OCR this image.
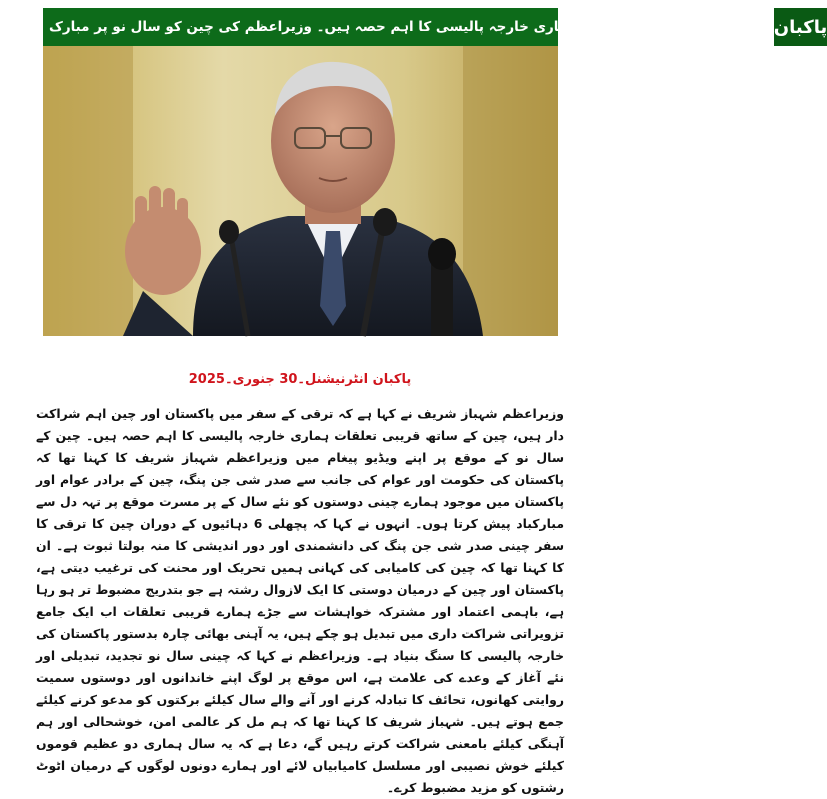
چین کے ساتھ قریبی تعلقات ہماری خارجہ پالیسی کا اہم حصہ ہیں۔ وزیراعظم کی چین کو سال نو پر مبارک پاکبان
پاکبان انٹرنیشنل۔30 جنوری۔2025

وزیراعظم شہباز شریف نے کہا ہے کہ ترقی کے سفر میں پاکستان اور چین اہم شراکت دار ہیں، چین کے ساتھ قریبی تعلقات ہماری خارجہ پالیسی کا اہم حصہ ہیں۔ چین کے سال نو کے موقع پر اپنے ویڈیو پیغام میں وزیراعظم شہباز شریف کا کہنا تھا کہ پاکستان کی حکومت اور عوام کی جانب سے صدر شی جن پنگ، چین کے برادر عوام اور پاکستان میں موجود ہمارے چینی دوستوں کو نئے سال کے پر مسرت موقع پر تہہ دل سے مبارکباد پیش کرتا ہوں۔ انہوں نے کہا کہ پچھلی 6 دہائیوں کے دوران چین کا ترقی کا سفر چینی صدر شی جن پنگ کی دانشمندی اور دور اندیشی کا منہ بولتا ثبوت ہے۔ ان کا کہنا تھا کہ چین کی کامیابی کی کہانی ہمیں تحریک اور محنت کی ترغیب دیتی ہے، پاکستان اور چین کے درمیان دوستی کا ایک لازوال رشتہ ہے جو بتدریج مضبوط تر ہو رہا ہے، باہمی اعتماد اور مشترکہ خواہشات سے جڑے ہمارے قریبی تعلقات اب ایک جامع تزویراتی شراکت داری میں تبدیل ہو چکے ہیں، یہ آہنی بھائی چارہ بدستور پاکستان کی خارجہ پالیسی کا سنگ بنیاد ہے۔ وزیراعظم نے کہا کہ چینی سال نو تجدید، تبدیلی اور نئے آغاز کے وعدے کی علامت ہے، اس موقع پر لوگ اپنے خاندانوں اور دوستوں سمیت روایتی کھانوں، تحائف کا تبادلہ کرنے اور آنے والے سال کیلئے برکتوں کو مدعو کرنے کیلئے جمع ہوتے ہیں۔ شہباز شریف کا کہنا تھا کہ ہم مل کر عالمی امن، خوشحالی اور ہم آہنگی کیلئے بامعنی شراکت کرتے رہیں گے، دعا ہے کہ یہ سال ہماری دو عظیم قوموں کیلئے خوش نصیبی اور مسلسل کامیابیاں لائے اور ہمارے دونوں لوگوں کے درمیان اٹوٹ رشتوں کو مزید مضبوط کرے۔
